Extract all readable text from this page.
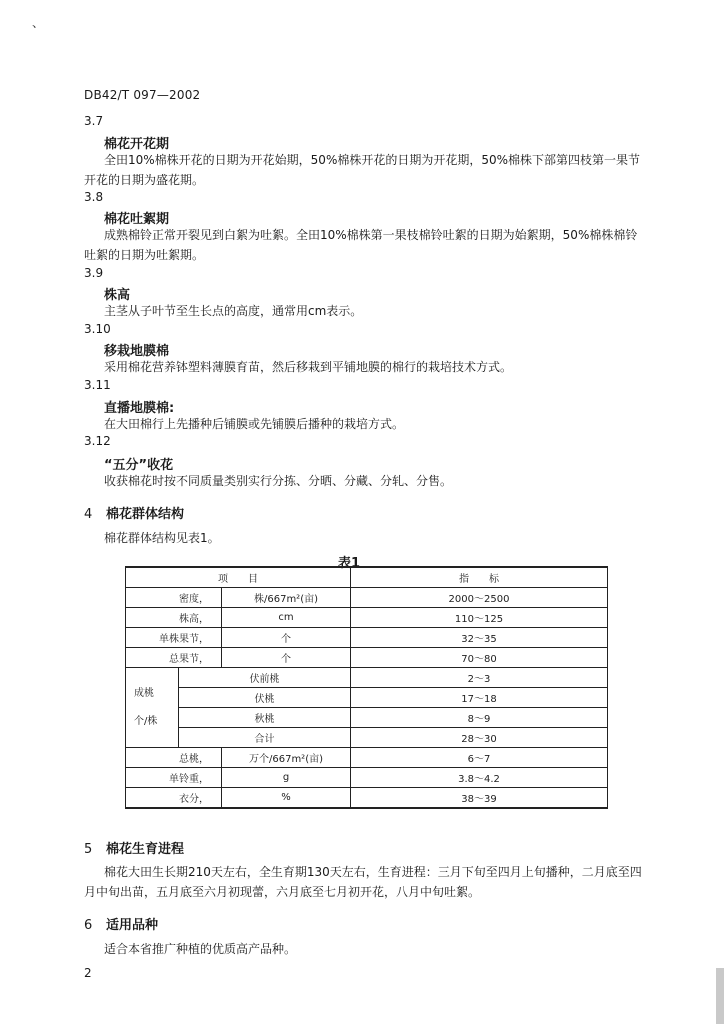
、
DB42/T 097—2002
3.7
棉花开花期
全田10%棉株开花的日期为开花始期，50%棉株开花的日期为开花期，50%棉株下部第四枝第一果节开花的日期为盛花期。
3.8
棉花吐絮期
成熟棉铃正常开裂见到白絮为吐絮。全田10%棉株第一果枝棉铃吐絮的日期为始絮期，50%棉株棉铃吐絮的日期为吐絮期。
3.9
株高
主茎从子叶节至生长点的高度，通常用cm表示。
3.10
移栽地膜棉
采用棉花营养钵塑料薄膜育苗，然后移栽到平铺地膜的棉行的栽培技术方式。
3.11
直播地膜棉:
在大田棉行上先播种后铺膜或先铺膜后播种的栽培方式。
3.12
“五分”收花
收获棉花时按不同质量类别实行分拣、分晒、分藏、分轧、分售。
4 棉花群体结构
棉花群体结构见表1。
表1
项　　目			指　　标
密度，		株/667m²(亩)	2000～2500
株高，		cm	110～125
单株果节，		个	32～35
总果节，		个	70～80

成桃
个/株	伏前桃		2～3
	伏桃		17～18
	秋桃		8～9
	合计		28～30
总桃，		万个/667m²(亩)	6～7
单铃重，		g	3.8～4.2
衣分，		%	38～39
5 棉花生育进程
棉花大田生长期210天左右，全生育期130天左右，生育进程：三月下旬至四月上旬播种，二月底至四月中旬出苗，五月底至六月初现蕾，六月底至七月初开花，八月中旬吐絮。
6 适用品种
适合本省推广种植的优质高产品种。
2
